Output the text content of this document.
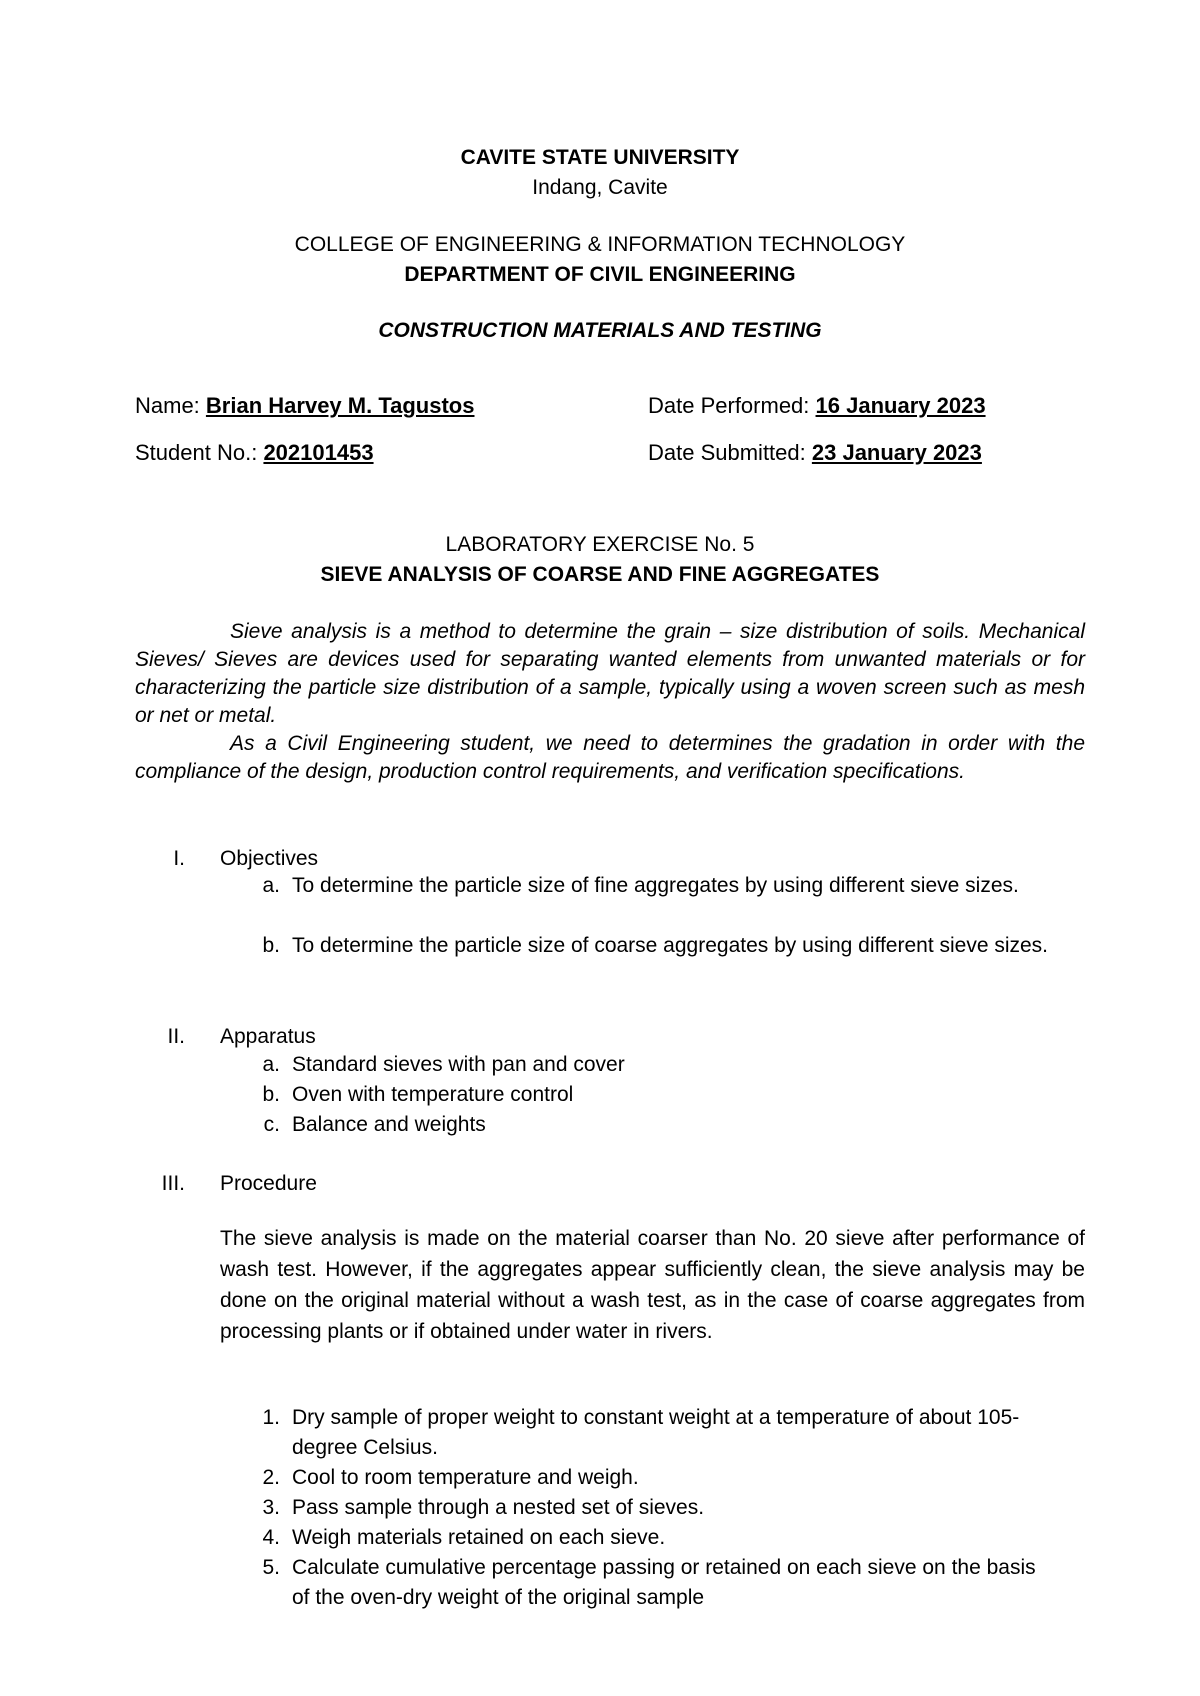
CAVITE STATE UNIVERSITY
Indang, Cavite
COLLEGE OF ENGINEERING & INFORMATION TECHNOLOGY
DEPARTMENT OF CIVIL ENGINEERING
CONSTRUCTION MATERIALS AND TESTING
Name: Brian Harvey M. Tagustos	Date Performed: 16 January 2023
Student No.: 202101453	Date Submitted: 23 January 2023
LABORATORY EXERCISE No. 5
SIEVE ANALYSIS OF COARSE AND FINE AGGREGATES

Sieve analysis is a method to determine the grain – size distribution of soils. Mechanical Sieves/ Sieves are devices used for separating wanted elements from unwanted materials or for characterizing the particle size distribution of a sample, typically using a woven screen such as mesh or net or metal.

As a Civil Engineering student, we need to determines the gradation in order with the compliance of the design, production control requirements, and verification specifications.

I. Objectives
a. To determine the particle size of fine aggregates by using different sieve sizes.
b. To determine the particle size of coarse aggregates by using different sieve sizes.
II. Apparatus
a. Standard sieves with pan and cover
b. Oven with temperature control
c. Balance and weights
III. Procedure
The sieve analysis is made on the material coarser than No. 20 sieve after performance of wash test. However, if the aggregates appear sufficiently clean, the sieve analysis may be done on the original material without a wash test, as in the case of coarse aggregates from processing plants or if obtained under water in rivers.
1. Dry sample of proper weight to constant weight at a temperature of about 105-degree Celsius.
2. Cool to room temperature and weigh.
3. Pass sample through a nested set of sieves.
4. Weigh materials retained on each sieve.
5. Calculate cumulative percentage passing or retained on each sieve on the basis of the oven-dry weight of the original sample
